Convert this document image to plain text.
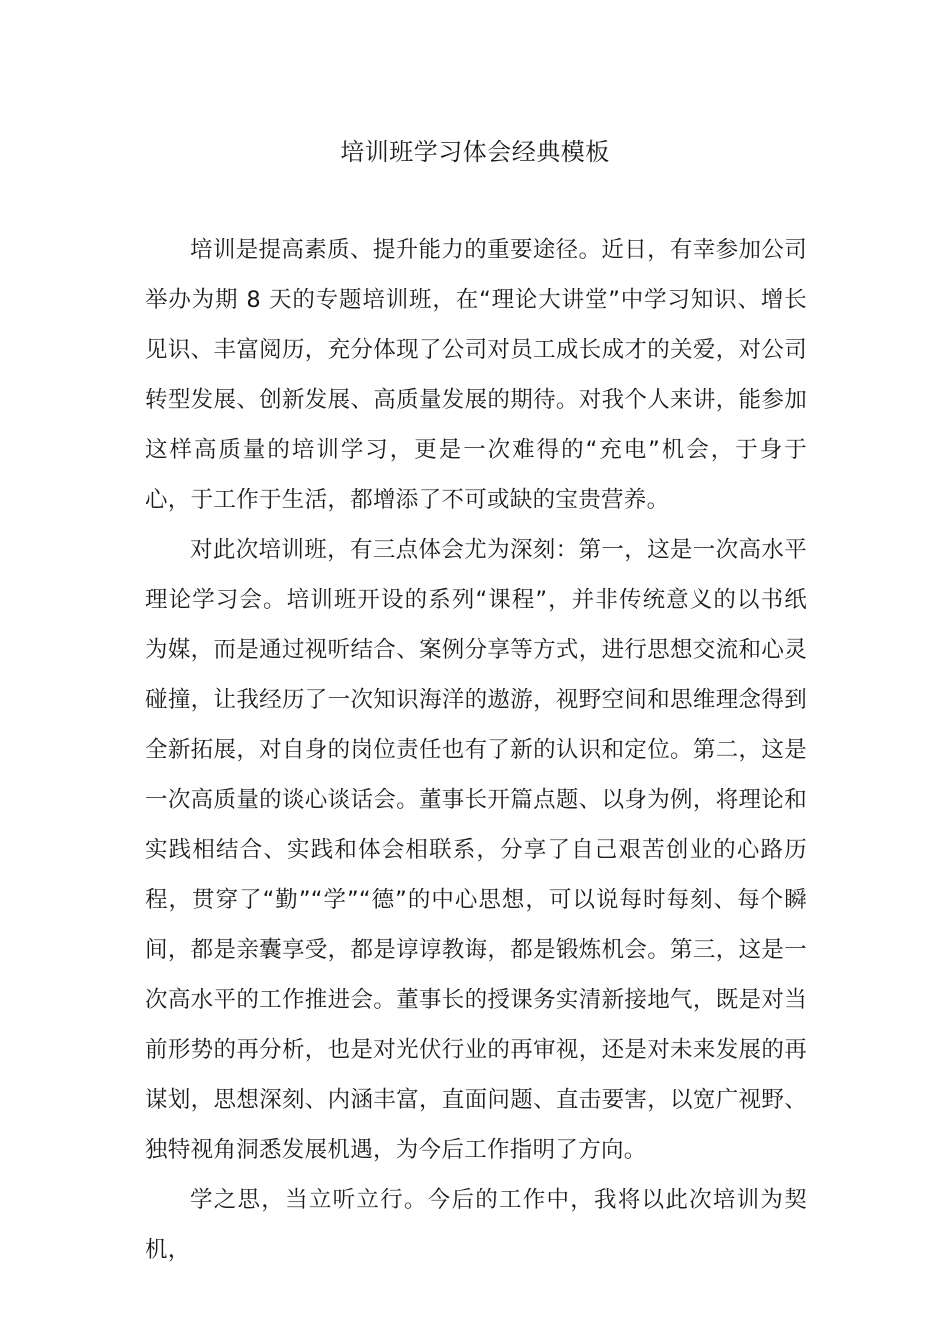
培训班学习体会经典模板

培训是提高素质、提升能力的重要途径。近日，有幸参加公司举办为期 8 天的专题培训班，在“理论大讲堂”中学习知识、增长见识、丰富阅历，充分体现了公司对员工成长成才的关爱，对公司转型发展、创新发展、高质量发展的期待。对我个人来讲，能参加这样高质量的培训学习，更是一次难得的“充电”机会，于身于心，于工作于生活，都增添了不可或缺的宝贵营养。

对此次培训班，有三点体会尤为深刻：第一，这是一次高水平理论学习会。培训班开设的系列“课程”，并非传统意义的以书纸为媒，而是通过视听结合、案例分享等方式，进行思想交流和心灵碰撞，让我经历了一次知识海洋的遨游，视野空间和思维理念得到全新拓展，对自身的岗位责任也有了新的认识和定位。第二，这是一次高质量的谈心谈话会。董事长开篇点题、以身为例，将理论和实践相结合、实践和体会相联系，分享了自己艰苦创业的心路历程，贯穿了“勤”“学”“德”的中心思想，可以说每时每刻、每个瞬间，都是亲囊享受，都是谆谆教诲，都是锻炼机会。第三，这是一次高水平的工作推进会。董事长的授课务实清新接地气，既是对当前形势的再分析，也是对光伏行业的再审视，还是对未来发展的再谋划，思想深刻、内涵丰富，直面问题、直击要害，以宽广视野、独特视角洞悉发展机遇，为今后工作指明了方向。

学之思，当立听立行。今后的工作中，我将以此次培训为契机，
